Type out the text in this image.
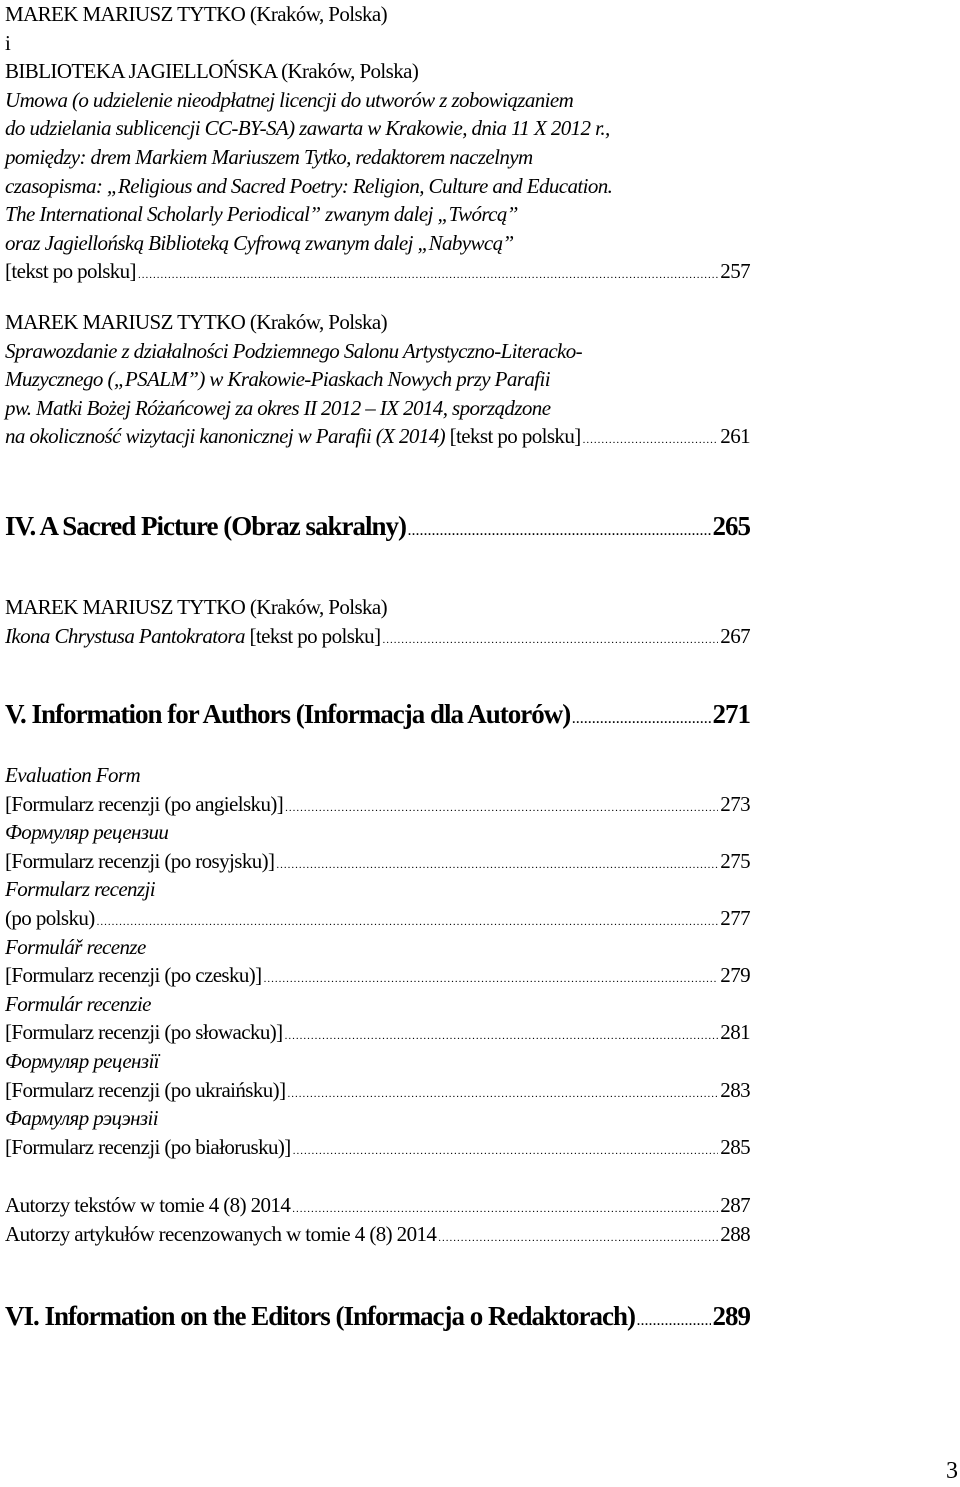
MAREK MARIUSZ TYTKO (Kraków, Polska)
i
BIBLIOTEKA JAGIELLOŃSKA (Kraków, Polska)
Umowa (o udzielenie nieodpłatnej licencji do utworów z zobowiązaniem
do udzielania sublicencji CC-BY-SA) zawarta w Krakowie, dnia 11 X 2012 r.,
pomiędzy: drem Markiem Mariuszem Tytko, redaktorem naczelnym
czasopisma: „Religious and Sacred Poetry: Religion, Culture and Education.
The International Scholarly Periodical” zwanym dalej „Twórcą”
oraz Jagiellońską Biblioteką Cyfrową zwanym dalej „Nabywcą”
[tekst po polsku] .....	257
MAREK MARIUSZ TYTKO (Kraków, Polska)
Sprawozdanie z działalności Podziemnego Salonu Artystyczno-Literacko-
Muzycznego („PSALM”) w Krakowie-Piaskach Nowych przy Parafii
pw. Matki Bożej Różańcowej za okres II 2012 – IX 2014, sporządzone
na okoliczność wizytacji kanonicznej w Parafii (X 2014) [tekst po polsku] .....	261
IV. A Sacred Picture (Obraz sakralny) .....	265
MAREK MARIUSZ TYTKO (Kraków, Polska)
Ikona Chrystusa Pantokratora [tekst po polsku] .....	267
V. Information for Authors (Informacja dla Autorów) .....	271
Evaluation Form
[Formularz recenzji (po angielsku)] .....	273
Формуляр рецензии
[Formularz recenzji (po rosyjsku)] .....	275
Formularz recenzji
(po polsku) .....	277
Formulář recenze
[Formularz recenzji (po czesku)] .....	279
Formulár recenzie
[Formularz recenzji (po słowacku)] .....	281
Формуляр рецензії
[Formularz recenzji (po ukraińsku)] .....	283
Фармуляр рэцэнзіі
[Formularz recenzji (po białorusku)] .....	285
Autorzy tekstów w tomie 4 (8) 2014 .....	287
Autorzy artykułów recenzowanych w tomie 4 (8) 2014 .....	288
VI. Information on the Editors (Informacja o Redaktorach) .....	289
3
